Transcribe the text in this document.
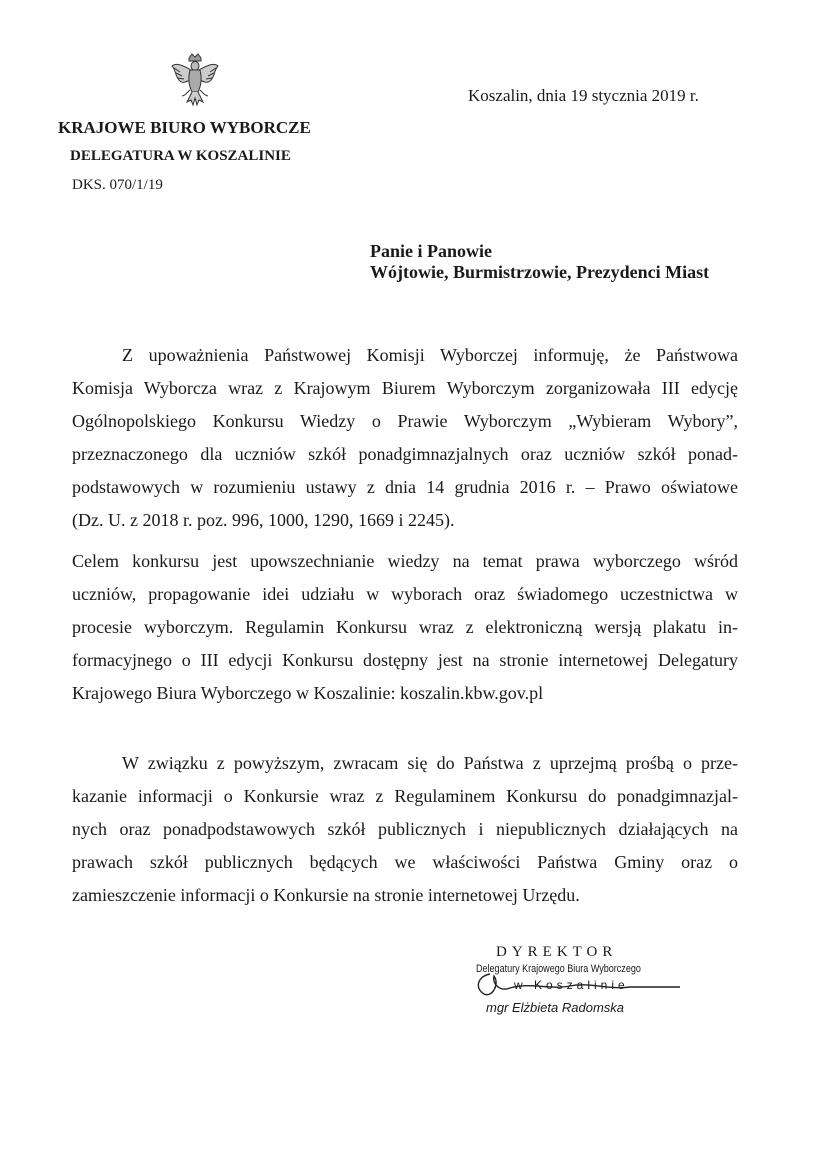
Koszalin, dnia 19 stycznia 2019 r.
KRAJOWE BIURO WYBORCZE
DELEGATURA W KOSZALINIE
DKS. 070/1/19
Panie i Panowie
Wójtowie, Burmistrzowie, Prezydenci Miast
Z upoważnienia Państwowej Komisji Wyborczej informuję, że Państwowa
Komisja Wyborcza wraz z Krajowym Biurem Wyborczym zorganizowała III edycję
Ogólnopolskiego Konkursu Wiedzy o Prawie Wyborczym „Wybieram Wybory”,
przeznaczonego dla uczniów szkół ponadgimnazjalnych oraz uczniów szkół ponad-
podstawowych w rozumieniu ustawy z dnia 14 grudnia 2016 r. – Prawo oświatowe
(Dz. U. z 2018 r. poz. 996, 1000, 1290, 1669 i 2245).
Celem konkursu jest upowszechnianie wiedzy na temat prawa wyborczego wśród
uczniów, propagowanie idei udziału w wyborach oraz świadomego uczestnictwa w
procesie wyborczym. Regulamin Konkursu wraz z elektroniczną wersją plakatu in-
formacyjnego o III edycji Konkursu dostępny jest na stronie internetowej Delegatury
Krajowego Biura Wyborczego w Koszalinie: koszalin.kbw.gov.pl
W związku z powyższym, zwracam się do Państwa z uprzejmą prośbą o prze-
kazanie informacji o Konkursie wraz z Regulaminem Konkursu do ponadgimnazjal-
nych oraz ponadpodstawowych szkół publicznych i niepublicznych działających na
prawach szkół publicznych będących we właściwości Państwa Gminy oraz o
zamieszczenie informacji o Konkursie na stronie internetowej Urzędu.
DYREKTOR
Delegatury Krajowego Biura Wyborczego
w Koszalinie
mgr Elżbieta Radomska
